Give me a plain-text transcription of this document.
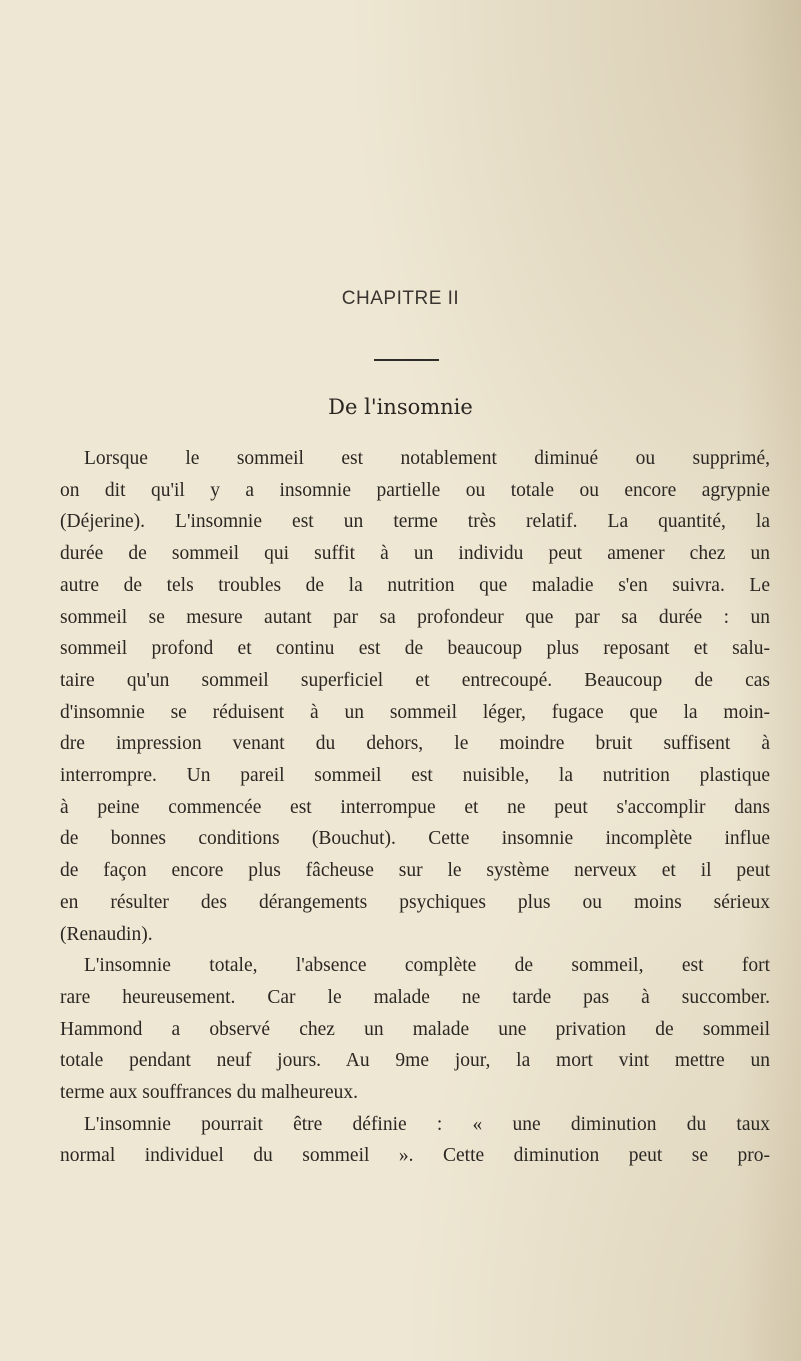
CHAPITRE II
De l'insomnie
Lorsque le sommeil est notablement diminué ou supprimé,
on dit qu'il y a insomnie partielle ou totale ou encore agrypnie
(Déjerine). L'insomnie est un terme très relatif. La quantité, la
durée de sommeil qui suffit à un individu peut amener chez un
autre de tels troubles de la nutrition que maladie s'en suivra. Le
sommeil se mesure autant par sa profondeur que par sa durée : un
sommeil profond et continu est de beaucoup plus reposant et salu-
taire qu'un sommeil superficiel et entrecoupé. Beaucoup de cas
d'insomnie se réduisent à un sommeil léger, fugace que la moin-
dre impression venant du dehors, le moindre bruit suffisent à
interrompre. Un pareil sommeil est nuisible, la nutrition plastique
à peine commencée est interrompue et ne peut s'accomplir dans
de bonnes conditions (Bouchut). Cette insomnie incomplète influe
de façon encore plus fâcheuse sur le système nerveux et il peut
en résulter des dérangements psychiques plus ou moins sérieux
(Renaudin).
L'insomnie totale, l'absence complète de sommeil, est fort
rare heureusement. Car le malade ne tarde pas à succomber.
Hammond a observé chez un malade une privation de sommeil
totale pendant neuf jours. Au 9me jour, la mort vint mettre un
terme aux souffrances du malheureux.
L'insomnie pourrait être définie : « une diminution du taux
normal individuel du sommeil ». Cette diminution peut se pro-
